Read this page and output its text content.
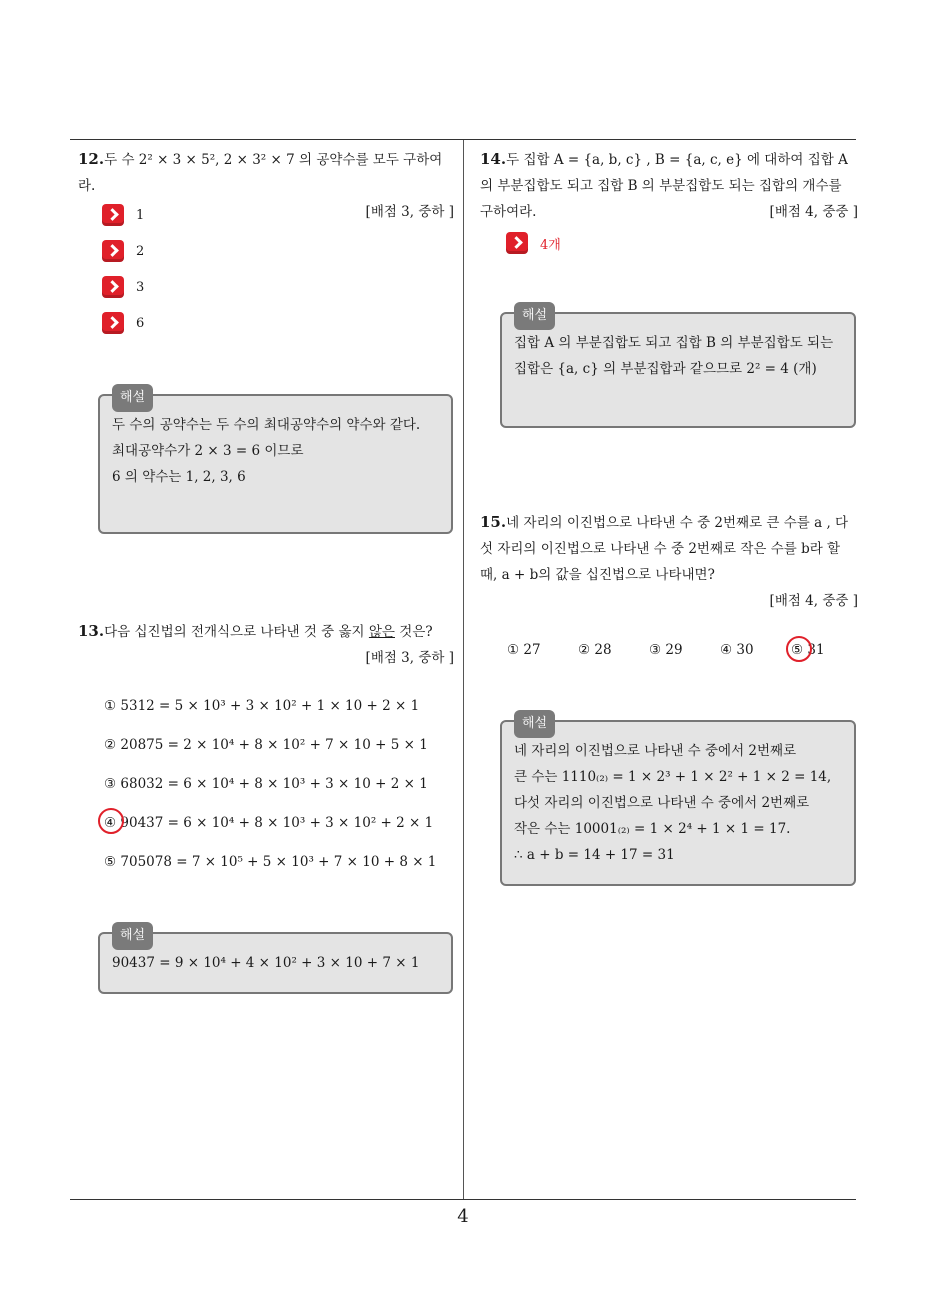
12.두 수 2² × 3 × 5², 2 × 3² × 7 의 공약수를 모두 구하여라.
[배점 3, 중하 ]
1
2
3
6
해설
두 수의 공약수는 두 수의 최대공약수의 약수와 같다.
최대공약수가 2 × 3 = 6 이므로
6 의 약수는 1, 2, 3, 6
13.다음 십진법의 전개식으로 나타낸 것 중 옳지 않은 것은?
[배점 3, 중하 ]
① 5312 = 5 × 10³ + 3 × 10² + 1 × 10 + 2 × 1
② 20875 = 2 × 10⁴ + 8 × 10² + 7 × 10 + 5 × 1
③ 68032 = 6 × 10⁴ + 8 × 10³ + 3 × 10 + 2 × 1
④ 90437 = 6 × 10⁴ + 8 × 10³ + 3 × 10² + 2 × 1
⑤ 705078 = 7 × 10⁵ + 5 × 10³ + 7 × 10 + 8 × 1
해설
90437 = 9 × 10⁴ + 4 × 10² + 3 × 10 + 7 × 1
14.두 집합 A = {a, b, c} , B = {a, c, e} 에 대하여 집합 A 의 부분집합도 되고 집합 B 의 부분집합도 되는 집합의 개수를 구하여라.	[배점 4, 중중 ]
4개
해설
집합 A 의 부분집합도 되고 집합 B 의 부분집합도 되는 집합은 {a, c} 의 부분집합과 같으므로 2² = 4 (개)
15.네 자리의 이진법으로 나타낸 수 중 2번째로 큰 수를 a , 다섯 자리의 이진법으로 나타낸 수 중 2번째로 작은 수를 b라 할 때, a + b의 값을 십진법으로 나타내면?
[배점 4, 중중 ]
① 27	② 28	③ 29	④ 30	⑤ 31
해설
네 자리의 이진법으로 나타낸 수 중에서 2번째로
큰 수는 1110₍₂₎ = 1 × 2³ + 1 × 2² + 1 × 2 = 14,
다섯 자리의 이진법으로 나타낸 수 중에서 2번째로
작은 수는 10001₍₂₎ = 1 × 2⁴ + 1 × 1 = 17.
∴ a + b = 14 + 17 = 31
4
